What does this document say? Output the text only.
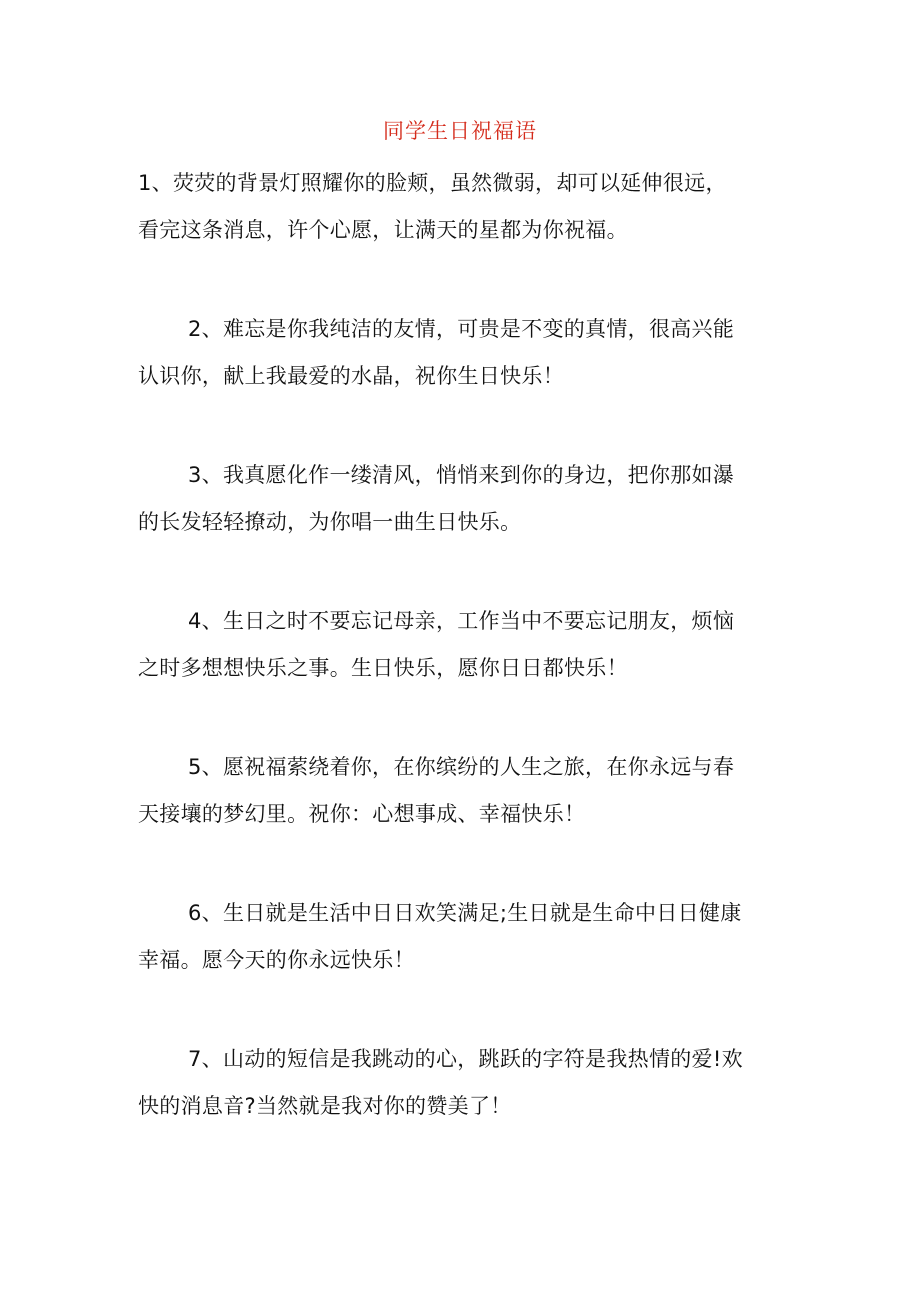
同学生日祝福语
1、荧荧的背景灯照耀你的脸颊，虽然微弱，却可以延伸很远，
看完这条消息，许个心愿，让满天的星都为你祝福。
2、难忘是你我纯洁的友情，可贵是不变的真情，很高兴能
认识你，献上我最爱的水晶，祝你生日快乐！
3、我真愿化作一缕清风，悄悄来到你的身边，把你那如瀑
的长发轻轻撩动，为你唱一曲生日快乐。
4、生日之时不要忘记母亲，工作当中不要忘记朋友，烦恼
之时多想想快乐之事。生日快乐，愿你日日都快乐！
5、愿祝福萦绕着你，在你缤纷的人生之旅，在你永远与春
天接壤的梦幻里。祝你：心想事成、幸福快乐！
6、生日就是生活中日日欢笑满足;生日就是生命中日日健康
幸福。愿今天的你永远快乐！
7、山动的短信是我跳动的心，跳跃的字符是我热情的爱!欢
快的消息音?当然就是我对你的赞美了！
